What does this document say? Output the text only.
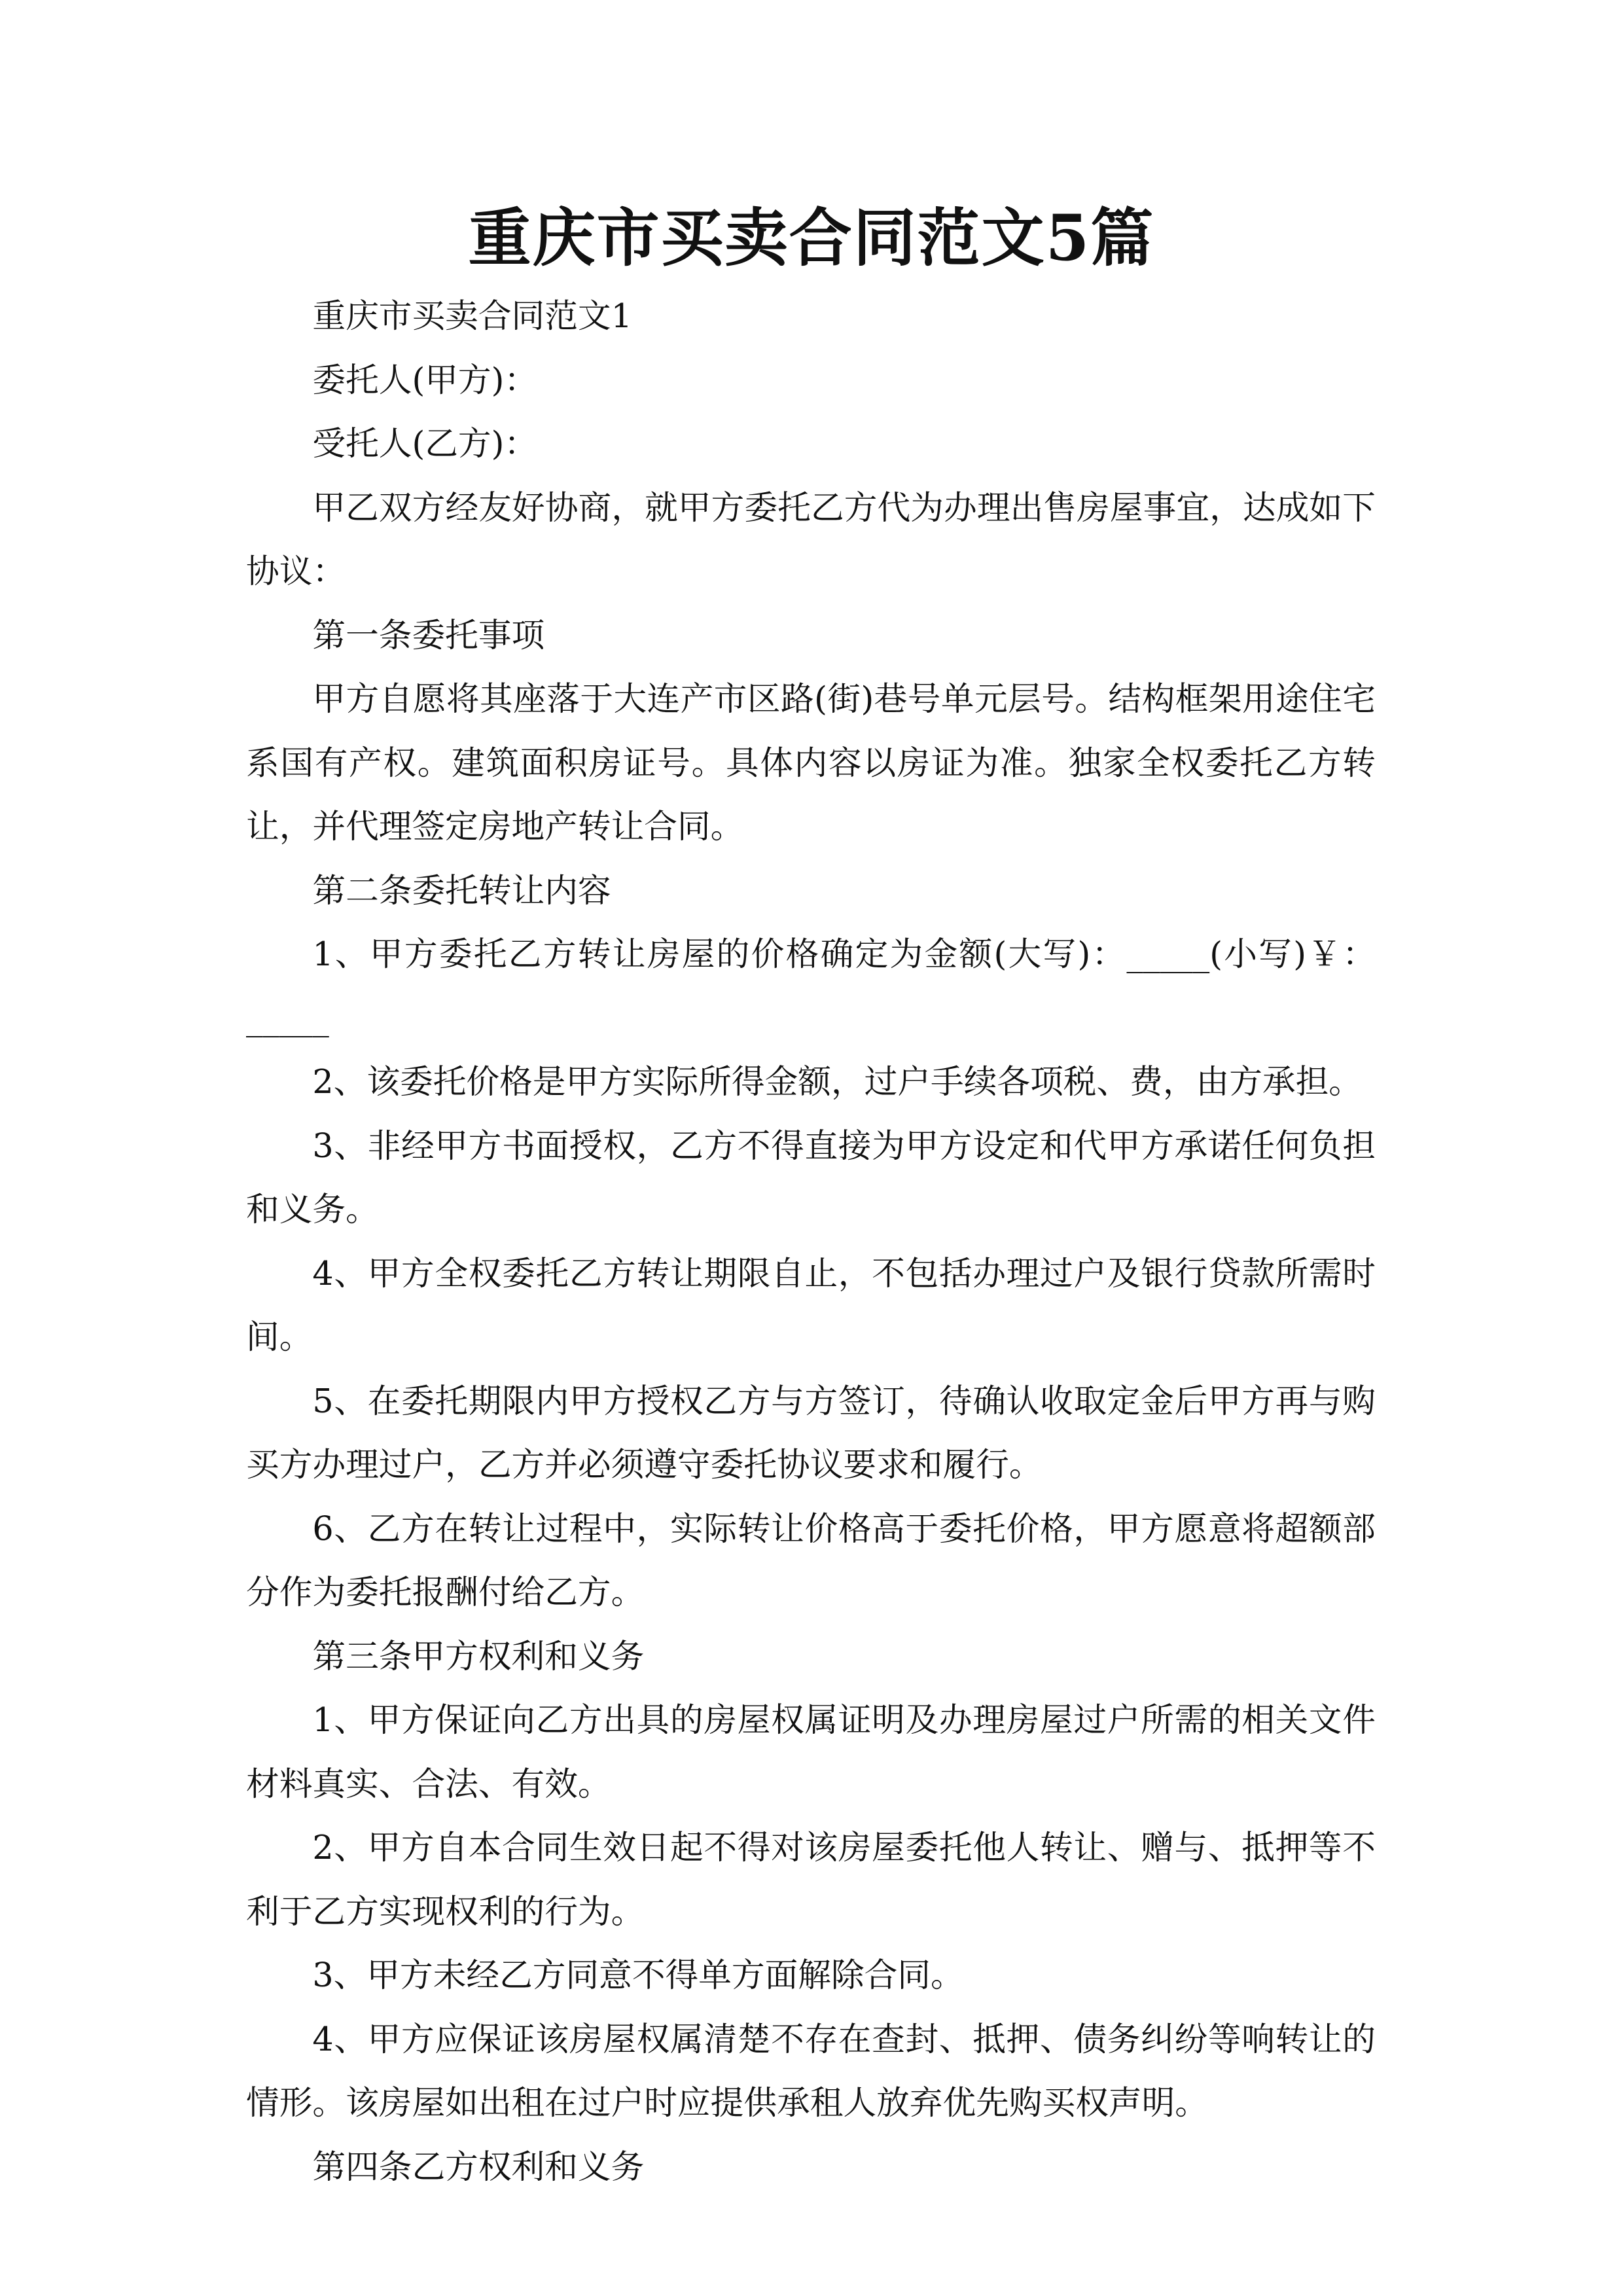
重庆市买卖合同范文5篇

重庆市买卖合同范文1

委托人(甲方)：

受托人(乙方)：

甲乙双方经友好协商，就甲方委托乙方代为办理出售房屋事宜，达成如下协议：

第一条委托事项

甲方自愿将其座落于大连产市区路(街)巷号单元层号。结构框架用途住宅系国有产权。建筑面积房证号。具体内容以房证为准。独家全权委托乙方转让，并代理签定房地产转让合同。

第二条委托转让内容

1、甲方委托乙方转让房屋的价格确定为金额(大写)：_____(小写)￥：_____

2、该委托价格是甲方实际所得金额，过户手续各项税、费，由方承担。

3、非经甲方书面授权，乙方不得直接为甲方设定和代甲方承诺任何负担和义务。

4、甲方全权委托乙方转让期限自止，不包括办理过户及银行贷款所需时间。

5、在委托期限内甲方授权乙方与方签订，待确认收取定金后甲方再与购买方办理过户，乙方并必须遵守委托协议要求和履行。

6、乙方在转让过程中，实际转让价格高于委托价格，甲方愿意将超额部分作为委托报酬付给乙方。

第三条甲方权利和义务

1、甲方保证向乙方出具的房屋权属证明及办理房屋过户所需的相关文件材料真实、合法、有效。

2、甲方自本合同生效日起不得对该房屋委托他人转让、赠与、抵押等不利于乙方实现权利的行为。

3、甲方未经乙方同意不得单方面解除合同。

4、甲方应保证该房屋权属清楚不存在查封、抵押、债务纠纷等响转让的情形。该房屋如出租在过户时应提供承租人放弃优先购买权声明。

第四条乙方权利和义务
